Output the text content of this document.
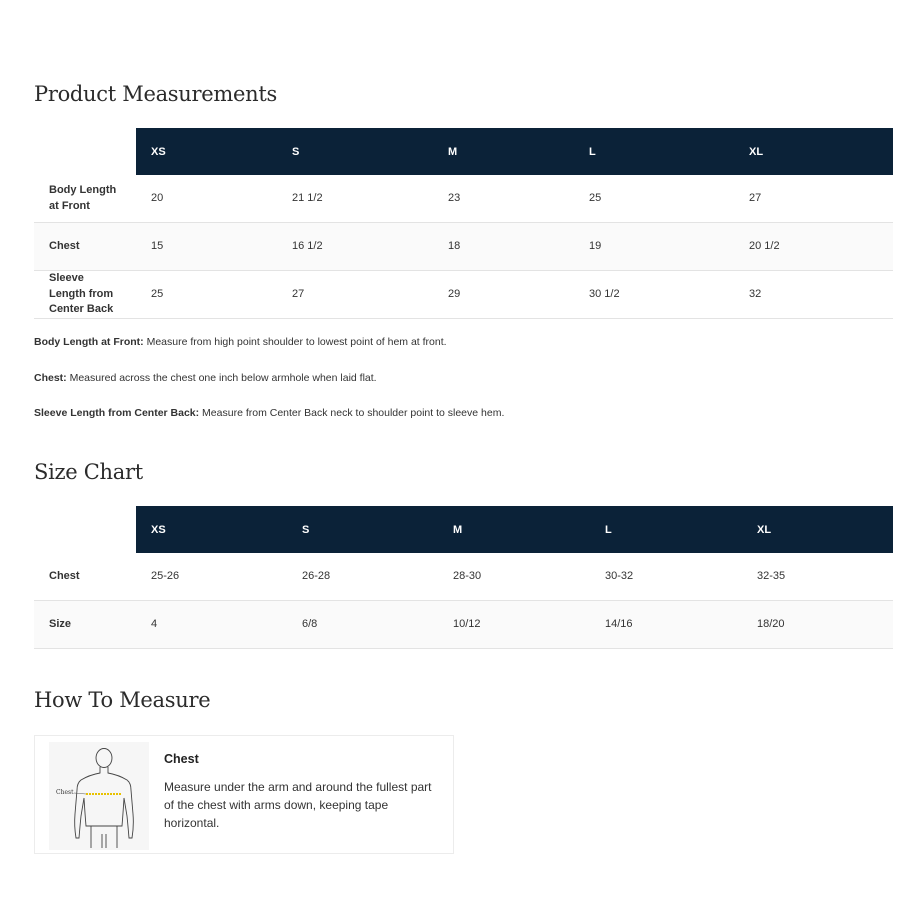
Product Measurements
	XS	S	M	L	XL
Body Length at Front	20	21 1/2	23	25	27
Chest	15	16 1/2	18	19	20 1/2
Sleeve Length from Center Back	25	27	29	30 1/2	32

Body Length at Front: Measure from high point shoulder to lowest point of hem at front.

Chest: Measured across the chest one inch below armhole when laid flat.

Sleeve Length from Center Back: Measure from Center Back neck to shoulder point to sleeve hem.

Size Chart
	XS	S	M	L	XL
Chest	25-26	26-28	28-30	30-32	32-35
Size	4	6/8	10/12	14/16	18/20
How To Measure
Chest
Chest
Measure under the arm and around the fullest part of the chest with arms down, keeping tape horizontal.
